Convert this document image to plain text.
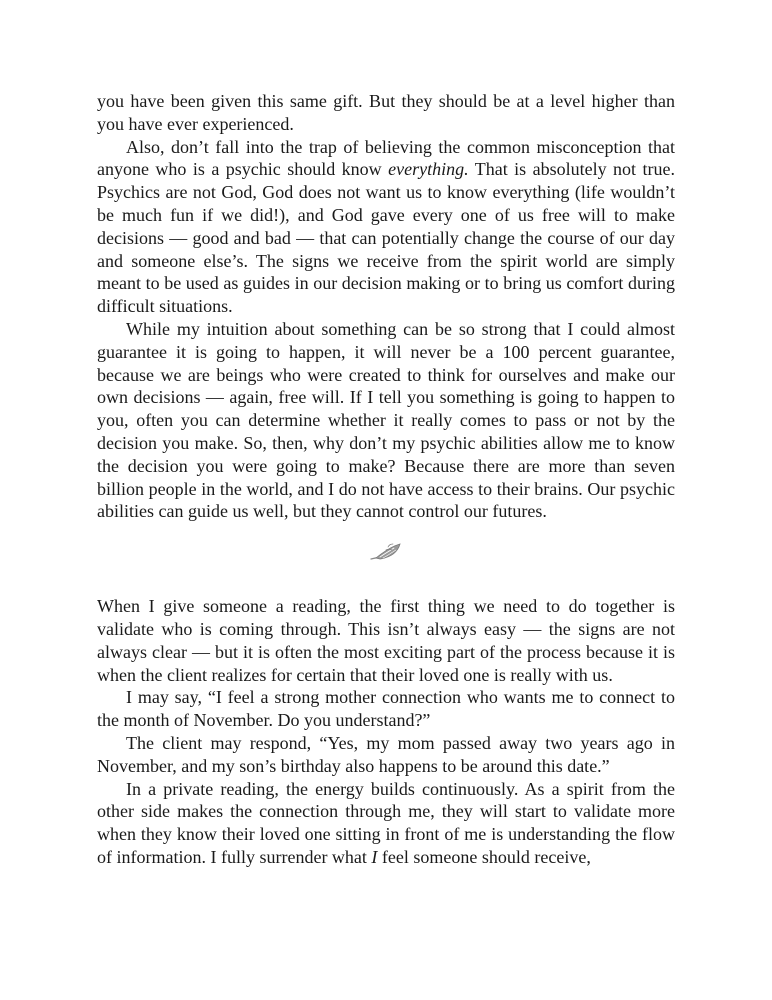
you have been given this same gift. But they should be at a level higher than you have ever experienced.

Also, don’t fall into the trap of believing the common misconception that anyone who is a psychic should know everything. That is absolutely not true. Psychics are not God, God does not want us to know everything (life wouldn’t be much fun if we did!), and God gave every one of us free will to make decisions — good and bad — that can potentially change the course of our day and someone else’s. The signs we receive from the spirit world are simply meant to be used as guides in our decision making or to bring us comfort during difficult situations.

While my intuition about something can be so strong that I could almost guarantee it is going to happen, it will never be a 100 percent guarantee, because we are beings who were created to think for ourselves and make our own decisions — again, free will. If I tell you something is going to happen to you, often you can determine whether it really comes to pass or not by the decision you make. So, then, why don’t my psychic abilities allow me to know the decision you were going to make? Because there are more than seven billion people in the world, and I do not have access to their brains. Our psychic abilities can guide us well, but they cannot control our futures.

When I give someone a reading, the first thing we need to do together is validate who is coming through. This isn’t always easy — the signs are not always clear — but it is often the most exciting part of the process because it is when the client realizes for certain that their loved one is really with us.

I may say, “I feel a strong mother connection who wants me to connect to the month of November. Do you understand?”

The client may respond, “Yes, my mom passed away two years ago in November, and my son’s birthday also happens to be around this date.”

In a private reading, the energy builds continuously. As a spirit from the other side makes the connection through me, they will start to validate more when they know their loved one sitting in front of me is understanding the flow of information. I fully surrender what I feel someone should receive,
